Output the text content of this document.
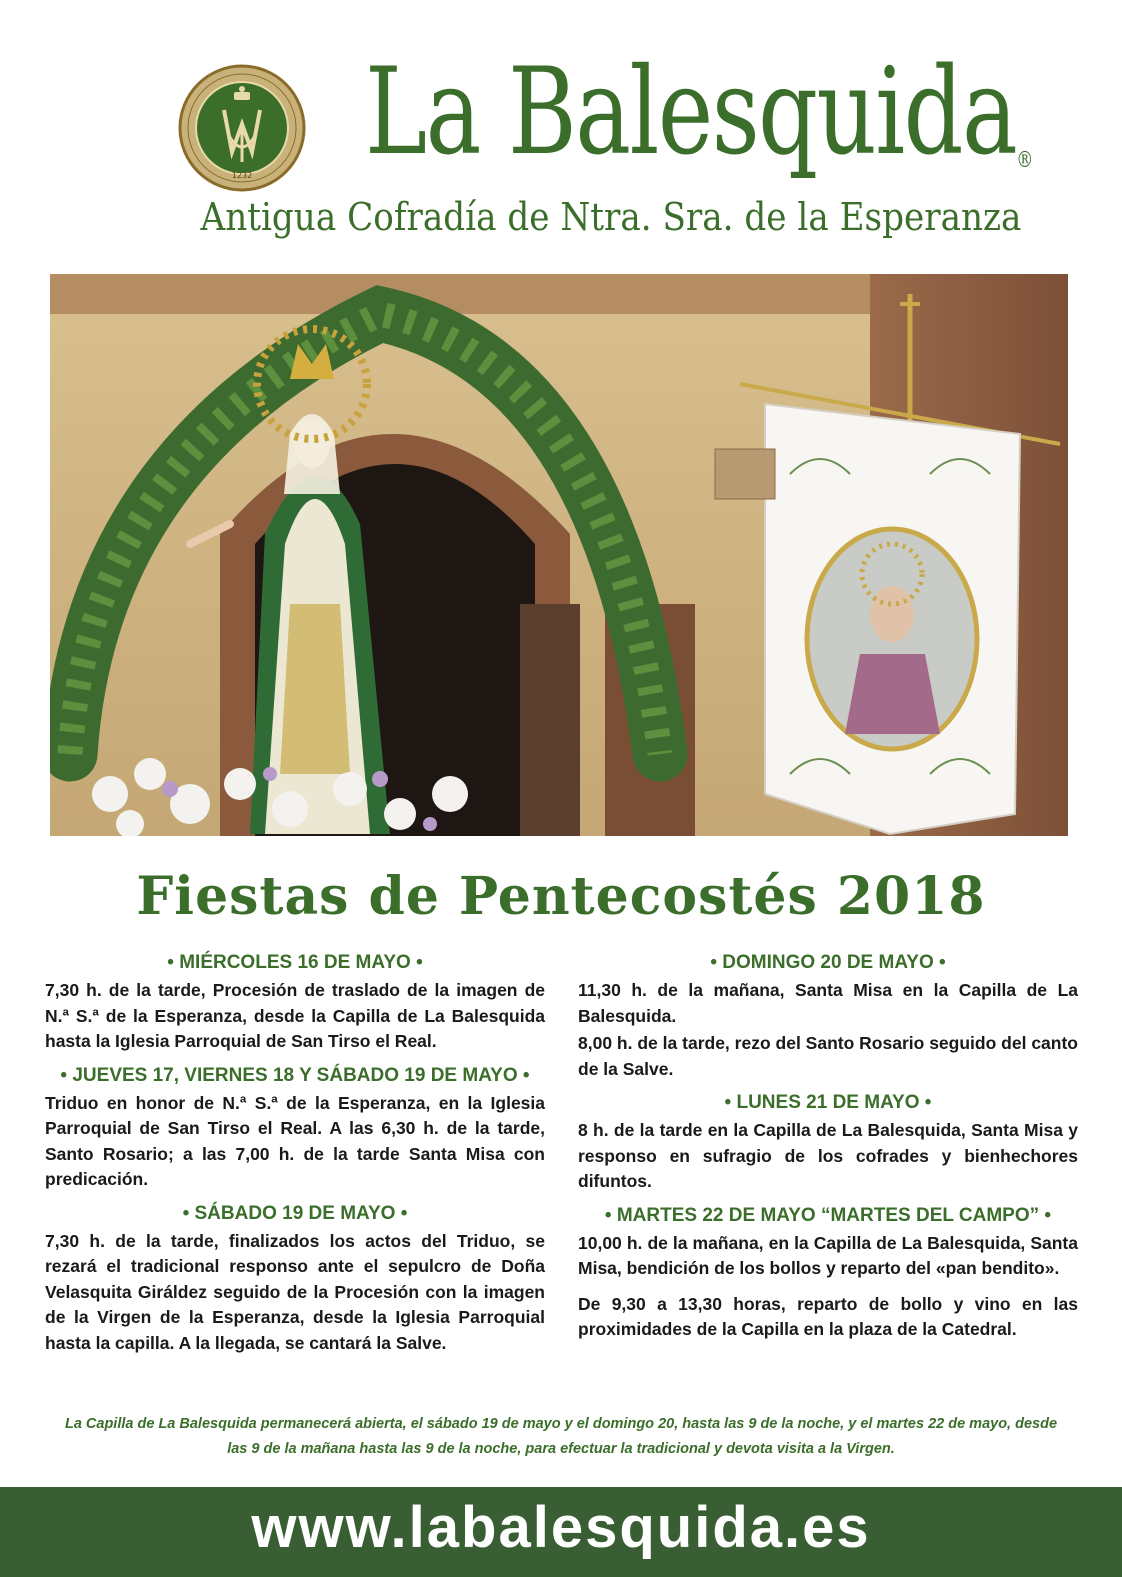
1232 La Balesquida®
Antigua Cofradía de Ntra. Sra. de la Esperanza
Fiestas de Pentecostés 2018
• MIÉRCOLES 16 DE MAYO •
7,30 h. de la tarde, Procesión de traslado de la imagen de N.ª S.ª de la Esperanza, desde la Capilla de La Balesquida hasta la Iglesia Parroquial de San Tirso el Real.
• JUEVES 17, VIERNES 18 Y SÁBADO 19 DE MAYO •
Triduo en honor de N.ª S.ª de la Esperanza, en la Iglesia Parroquial de San Tirso el Real. A las 6,30 h. de la tarde, Santo Rosario; a las 7,00 h. de la tarde Santa Misa con predicación.
• SÁBADO 19 DE MAYO •
7,30 h. de la tarde, finalizados los actos del Triduo, se rezará el tradicional responso ante el sepulcro de Doña Velasquita Giráldez seguido de la Procesión con la imagen de la Virgen de la Esperanza, desde la Iglesia Parroquial hasta la capilla. A la llegada, se cantará la Salve.
• DOMINGO 20 DE MAYO •
11,30 h. de la mañana, Santa Misa en la Capilla de La Balesquida.
8,00 h. de la tarde, rezo del Santo Rosario seguido del canto de la Salve.
• LUNES 21 DE MAYO •
8 h. de la tarde en la Capilla de La Balesquida, Santa Misa y responso en sufragio de los cofrades y bienhechores difuntos.
• MARTES 22 DE MAYO “MARTES DEL CAMPO” •
10,00 h. de la mañana, en la Capilla de La Balesquida, Santa Misa, bendición de los bollos y reparto del «pan bendito».
De 9,30 a 13,30 horas, reparto de bollo y vino en las proximidades de la Capilla en la plaza de la Catedral.
La Capilla de La Balesquida permanecerá abierta, el sábado 19 de mayo y el domingo 20, hasta las 9 de la noche, y el martes 22 de mayo, desde las 9 de la mañana hasta las 9 de la noche, para efectuar la tradicional y devota visita a la Virgen.
www.labalesquida.es
